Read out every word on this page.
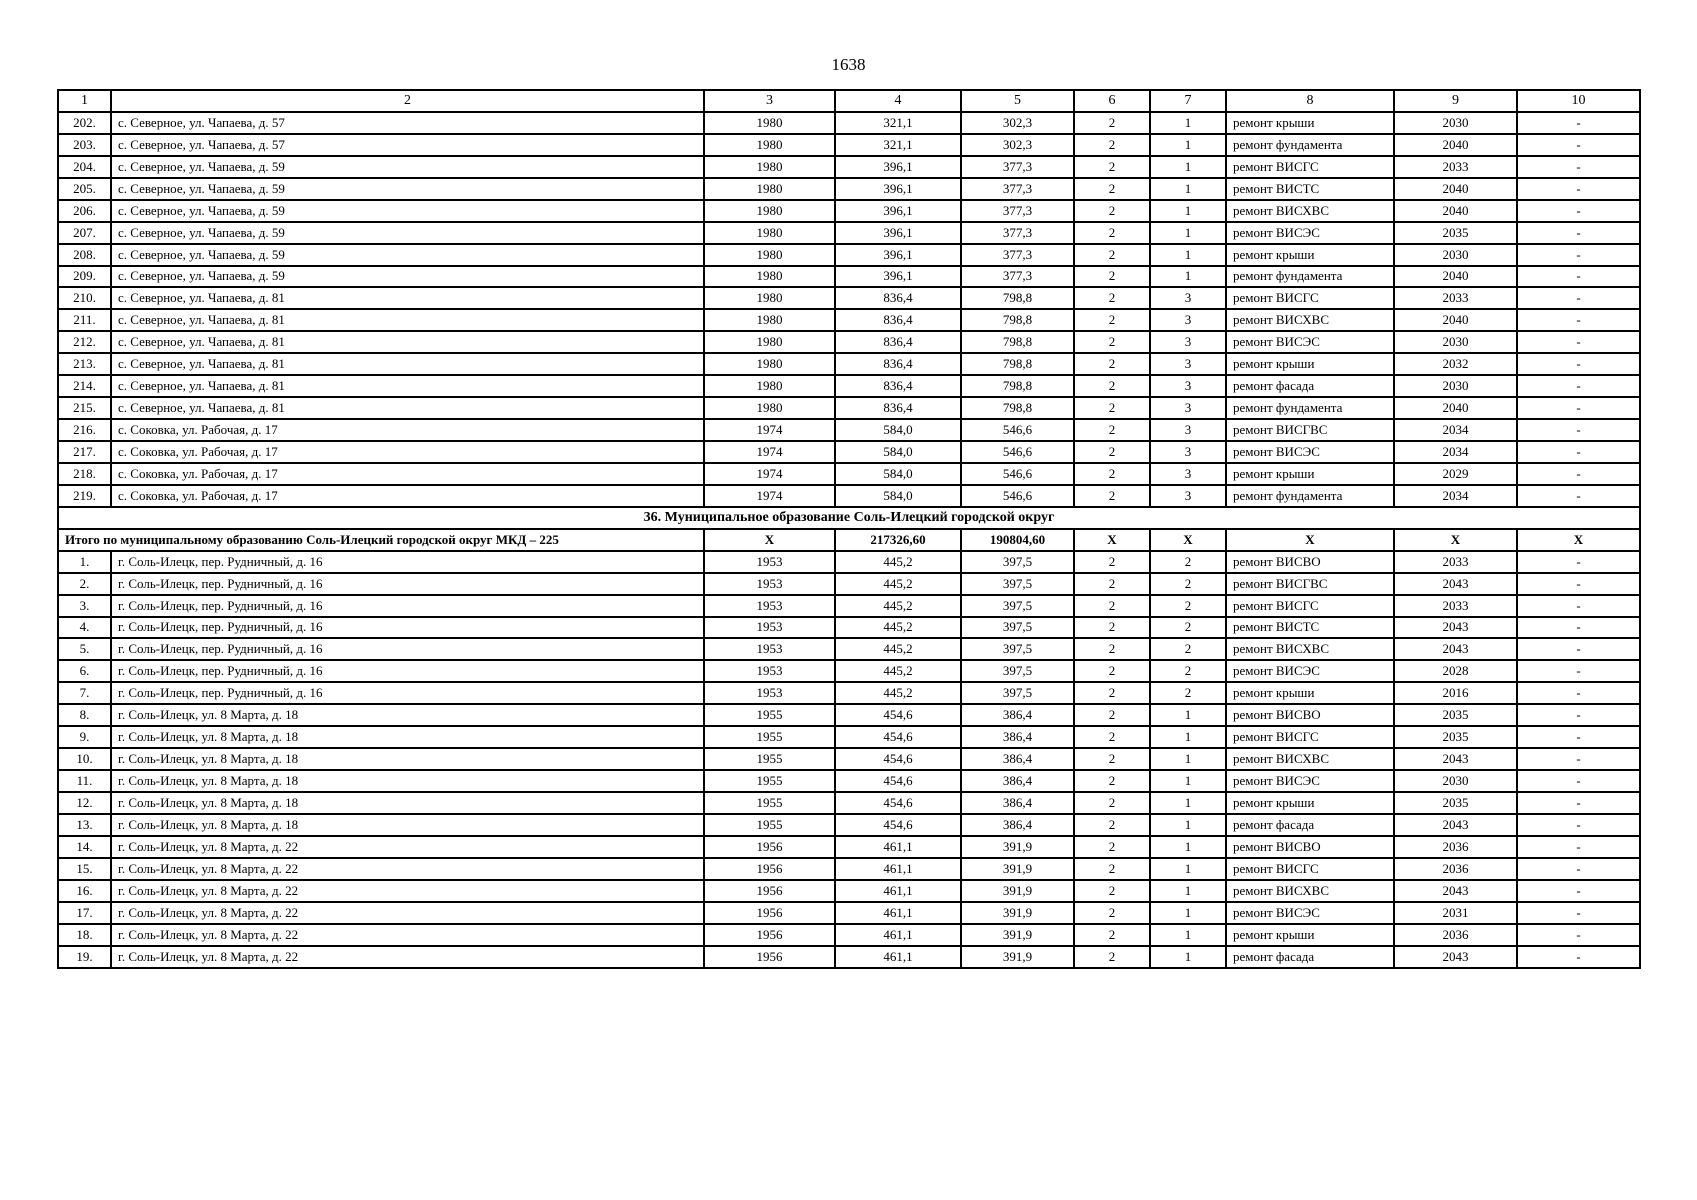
1638
1	2	3	4	5	6	7	8	9	10
202.	с. Северное, ул. Чапаева, д. 57	1980	321,1	302,3	2	1	ремонт крыши	2030	-
203.	с. Северное, ул. Чапаева, д. 57	1980	321,1	302,3	2	1	ремонт фундамента	2040	-
204.	с. Северное, ул. Чапаева, д. 59	1980	396,1	377,3	2	1	ремонт ВИСГС	2033	-
205.	с. Северное, ул. Чапаева, д. 59	1980	396,1	377,3	2	1	ремонт ВИСТС	2040	-
206.	с. Северное, ул. Чапаева, д. 59	1980	396,1	377,3	2	1	ремонт ВИСХВС	2040	-
207.	с. Северное, ул. Чапаева, д. 59	1980	396,1	377,3	2	1	ремонт ВИСЭС	2035	-
208.	с. Северное, ул. Чапаева, д. 59	1980	396,1	377,3	2	1	ремонт крыши	2030	-
209.	с. Северное, ул. Чапаева, д. 59	1980	396,1	377,3	2	1	ремонт фундамента	2040	-
210.	с. Северное, ул. Чапаева, д. 81	1980	836,4	798,8	2	3	ремонт ВИСГС	2033	-
211.	с. Северное, ул. Чапаева, д. 81	1980	836,4	798,8	2	3	ремонт ВИСХВС	2040	-
212.	с. Северное, ул. Чапаева, д. 81	1980	836,4	798,8	2	3	ремонт ВИСЭС	2030	-
213.	с. Северное, ул. Чапаева, д. 81	1980	836,4	798,8	2	3	ремонт крыши	2032	-
214.	с. Северное, ул. Чапаева, д. 81	1980	836,4	798,8	2	3	ремонт фасада	2030	-
215.	с. Северное, ул. Чапаева, д. 81	1980	836,4	798,8	2	3	ремонт фундамента	2040	-
216.	с. Соковка, ул. Рабочая, д. 17	1974	584,0	546,6	2	3	ремонт ВИСГВС	2034	-
217.	с. Соковка, ул. Рабочая, д. 17	1974	584,0	546,6	2	3	ремонт ВИСЭС	2034	-
218.	с. Соковка, ул. Рабочая, д. 17	1974	584,0	546,6	2	3	ремонт крыши	2029	-
219.	с. Соковка, ул. Рабочая, д. 17	1974	584,0	546,6	2	3	ремонт фундамента	2034	-
36. Муниципальное образование Соль-Илецкий городской округ									
Итого по муниципальному образованию Соль-Илецкий городской округ МКД – 225		Х	217326,60	190804,60	Х	Х	Х	Х	Х
1.	г. Соль-Илецк, пер. Рудничный, д. 16	1953	445,2	397,5	2	2	ремонт ВИСВО	2033	-
2.	г. Соль-Илецк, пер. Рудничный, д. 16	1953	445,2	397,5	2	2	ремонт ВИСГВС	2043	-
3.	г. Соль-Илецк, пер. Рудничный, д. 16	1953	445,2	397,5	2	2	ремонт ВИСГС	2033	-
4.	г. Соль-Илецк, пер. Рудничный, д. 16	1953	445,2	397,5	2	2	ремонт ВИСТС	2043	-
5.	г. Соль-Илецк, пер. Рудничный, д. 16	1953	445,2	397,5	2	2	ремонт ВИСХВС	2043	-
6.	г. Соль-Илецк, пер. Рудничный, д. 16	1953	445,2	397,5	2	2	ремонт ВИСЭС	2028	-
7.	г. Соль-Илецк, пер. Рудничный, д. 16	1953	445,2	397,5	2	2	ремонт крыши	2016	-
8.	г. Соль-Илецк, ул. 8 Марта, д. 18	1955	454,6	386,4	2	1	ремонт ВИСВО	2035	-
9.	г. Соль-Илецк, ул. 8 Марта, д. 18	1955	454,6	386,4	2	1	ремонт ВИСГС	2035	-
10.	г. Соль-Илецк, ул. 8 Марта, д. 18	1955	454,6	386,4	2	1	ремонт ВИСХВС	2043	-
11.	г. Соль-Илецк, ул. 8 Марта, д. 18	1955	454,6	386,4	2	1	ремонт ВИСЭС	2030	-
12.	г. Соль-Илецк, ул. 8 Марта, д. 18	1955	454,6	386,4	2	1	ремонт крыши	2035	-
13.	г. Соль-Илецк, ул. 8 Марта, д. 18	1955	454,6	386,4	2	1	ремонт фасада	2043	-
14.	г. Соль-Илецк, ул. 8 Марта, д. 22	1956	461,1	391,9	2	1	ремонт ВИСВО	2036	-
15.	г. Соль-Илецк, ул. 8 Марта, д. 22	1956	461,1	391,9	2	1	ремонт ВИСГС	2036	-
16.	г. Соль-Илецк, ул. 8 Марта, д. 22	1956	461,1	391,9	2	1	ремонт ВИСХВС	2043	-
17.	г. Соль-Илецк, ул. 8 Марта, д. 22	1956	461,1	391,9	2	1	ремонт ВИСЭС	2031	-
18.	г. Соль-Илецк, ул. 8 Марта, д. 22	1956	461,1	391,9	2	1	ремонт крыши	2036	-
19.	г. Соль-Илецк, ул. 8 Марта, д. 22	1956	461,1	391,9	2	1	ремонт фасада	2043	-
